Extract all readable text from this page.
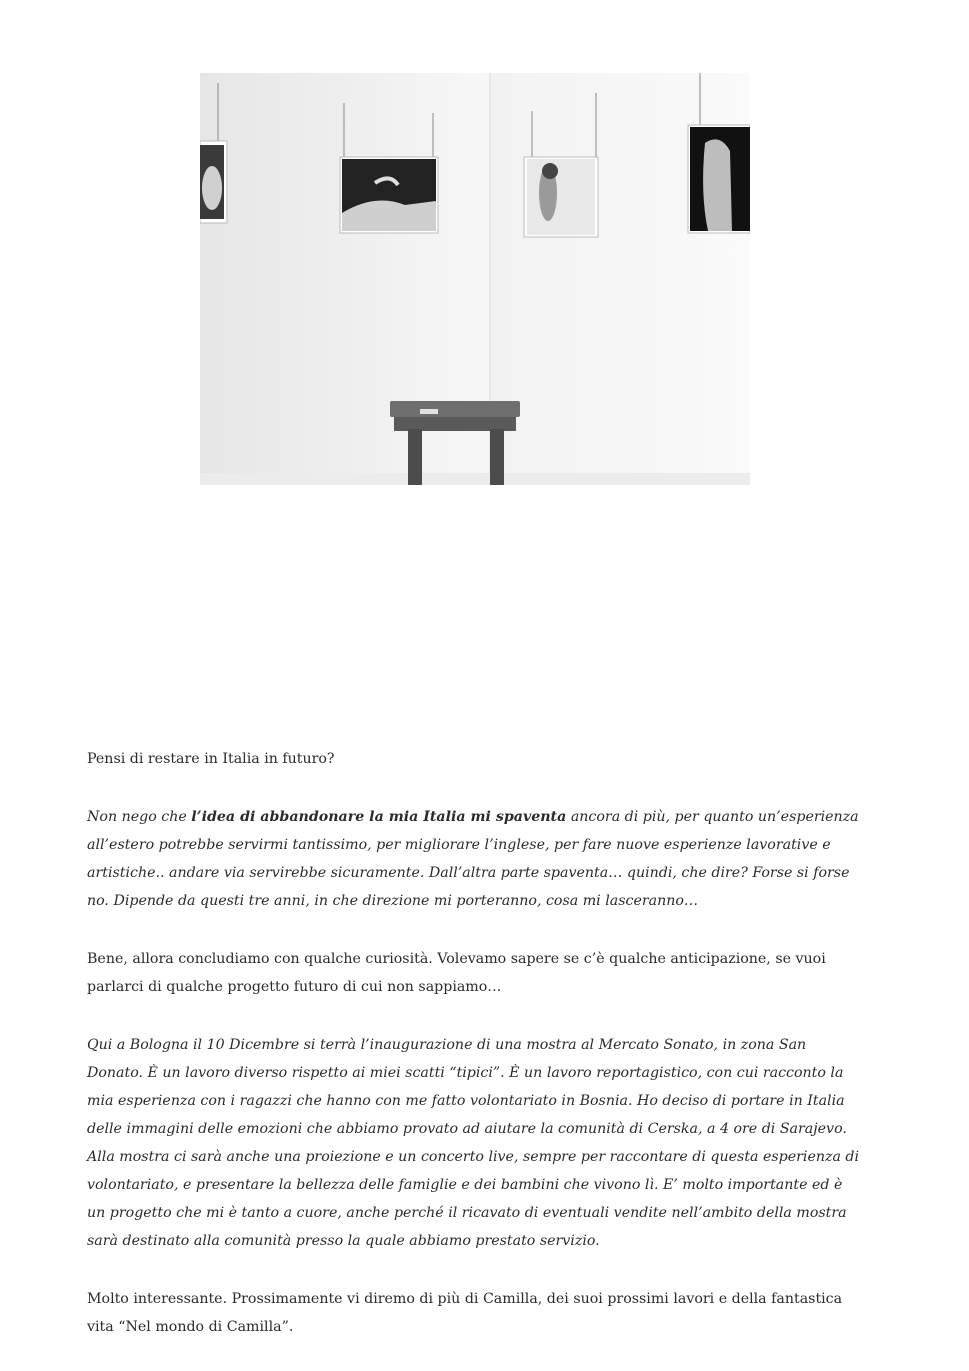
Pensi di restare in Italia in futuro?

Non nego che l’idea di abbandonare la mia Italia mi spaventa ancora di più, per quanto un’esperienza all’estero potrebbe servirmi tantissimo, per migliorare l’inglese, per fare nuove esperienze lavorative e artistiche.. andare via servirebbe sicuramente. Dall’altra parte spaventa… quindi, che dire? Forse si forse no. Dipende da questi tre anni, in che direzione mi porteranno, cosa mi lasceranno…

Bene, allora concludiamo con qualche curiosità. Volevamo sapere se c’è qualche anticipazione, se vuoi parlarci di qualche progetto futuro di cui non sappiamo…

Qui a Bologna il 10 Dicembre si terrà l’inaugurazione di una mostra al Mercato Sonato, in zona San Donato. È un lavoro diverso rispetto ai miei scatti “tipici”. È un lavoro reportagistico, con cui racconto la mia esperienza con i ragazzi che hanno con me fatto volontariato in Bosnia. Ho deciso di portare in Italia delle immagini delle emozioni che abbiamo provato ad aiutare la comunità di Cerska, a 4 ore di Sarajevo. Alla mostra ci sarà anche una proiezione e un concerto live, sempre per raccontare di questa esperienza di volontariato, e presentare la bellezza delle famiglie e dei bambini che vivono lì. E’ molto importante ed è un progetto che mi è tanto a cuore, anche perché il ricavato di eventuali vendite nell’ambito della mostra sarà destinato alla comunità presso la quale abbiamo prestato servizio.

Molto interessante. Prossimamente vi diremo di più di Camilla, dei suoi prossimi lavori e della fantastica vita “Nel mondo di Camilla”.
